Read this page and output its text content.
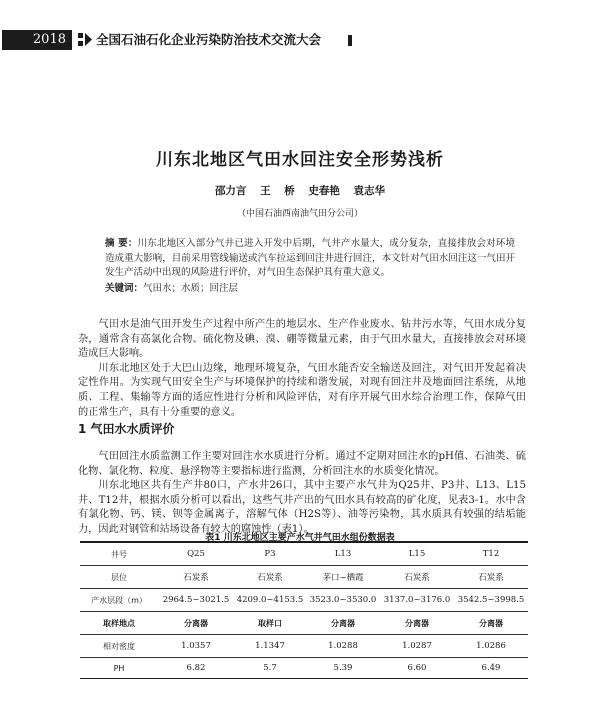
2018	全国石油石化企业污染防治技术交流大会
川东北地区气田水回注安全形势浅析
邵力言 王 桥 史春艳 袁志华
（中国石油西南油气田分公司）
摘 要：川东北地区入部分气井已进入开发中后期，气井产水量大，成分复杂，直接排放会对环境造成重大影响，目前采用管线输送或汽车拉运到回注井进行回注，本文针对气田水回注这一气田开发生产活动中出现的风险进行评价，对气田生态保护具有重大意义。
关键词：气田水；水质；回注层

气田水是油气田开发生产过程中所产生的地层水、生产作业废水、钻井污水等，气田水成分复杂，通常含有高氯化合物、硫化物及碘、溴、硼等微量元素，由于气田水量大，直接排放会对环境造成巨大影响。

川东北地区处于大巴山边缘，地理环境复杂，气田水能否安全输送及回注，对气田开发起着决定性作用。为实现气田安全生产与环境保护的持续和谐发展，对现有回注井及地面回注系统，从地质、工程、集输等方面的适应性进行分析和风险评估，对有序开展气田水综合治理工作，保障气田的正常生产，具有十分重要的意义。

1 气田水水质评价

气田回注水质监测工作主要对回注水水质进行分析。通过不定期对回注水的pH值、石油类、硫化物、氯化物、粒度、悬浮物等主要指标进行监测，分析回注水的水质变化情况。

川东北地区共有生产井80口，产水井26口，其中主要产水气井为Q25井、P3井、L13、L15井、T12井，根据水质分析可以看出，这些气井产出的气田水具有较高的矿化度，见表3-1。水中含有氯化物、钙、镁、钡等金属离子，溶解气体（H2S等）、油等污染物，其水质具有较强的结垢能力，因此对钢管和站场设备有较大的腐蚀性（表1）。

表1 川东北地区主要产水气井气田水组份数据表
井号	Q25	P3	L13	L15	T12
层位	石炭系	石炭系	茅口~栖霞	石炭系	石炭系
产水层段（m）	2964.5~3021.5	4209.0~4153.5	3523.0~3530.0	3137.0~3176.0	3542.5~3998.5
取样地点	分离器	取样口	分离器	分离器	分离器
相对密度	1.0357	1.1347	1.0288	1.0287	1.0286
PH	6.82	5.7	5.39	6.60	6.49
